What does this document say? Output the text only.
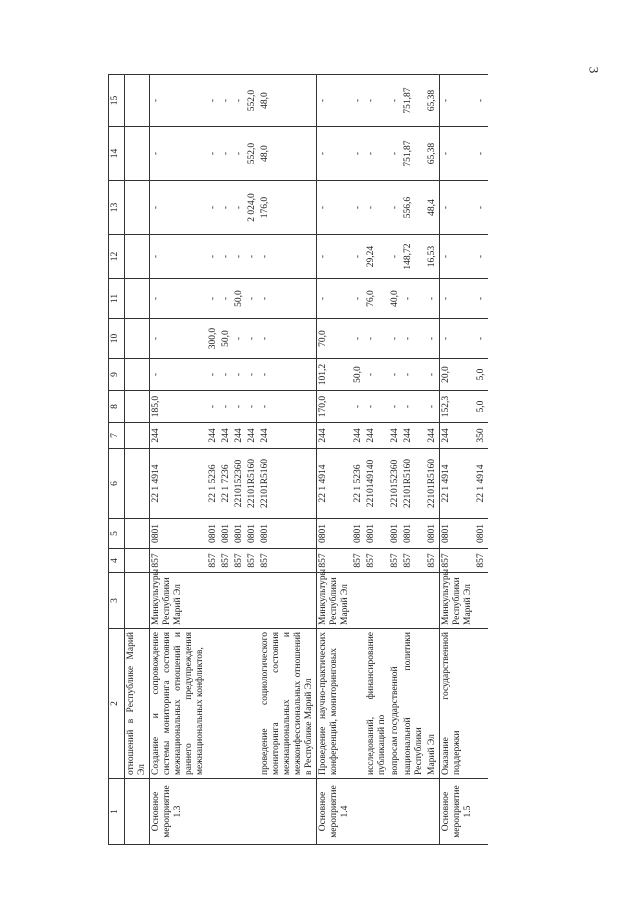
3
1	2	3	4	5	6	7	8	9	10	11	12	13	14	15
	отношений в Республике Марий Эл													
Основное мероприятие 1.3	Создание и сопровождение системы мониторинга состояния межнациональных отношений и раннего предупреждения межнациональных конфликтов,	Минкультуры Республики Марий Эл	857	0801	22 1 4914	244	185,0	-	-	-	-	-	-	-
			857	0801	22 1 5236	244	-	-	300,0	-	-	-	-	-
			857	0801	22 1 7236	244	-	-	50,0	-	-	-	-	-
			857	0801	2210152360	244	-	-	-	50,0	-	-	-	-
			857	0801	22101R5160	244	-	-	-	-	-	2 024,0	552,0	552,0
	проведение социологического мониторинга состояния межнациональных и межконфессиональных отношений в Республике Марий Эл		857	0801	22101R5160	244	-	-	-	-	-	176,0	48,0	48,0
Основное мероприятие 1.4	Проведение научно-практических конференций, мониторинговых	Минкультуры Республики Марий Эл	857	0801	22 1 4914	244	170,0	101,2	70,0	-	-	-	-	-
			857	0801	22 1 5236	244	-	50,0	-	-	-	-	-	-
	исследований, финансирование публикаций по		857	0801	2210149140	244	-	-	-	76,0	29,24	-	-	-
	вопросам государственной		857	0801	2210152360	244	-	-	-	40,0	-	-	-	-
	национальной политики Республики		857	0801	22101R5160	244	-	-	-	-	148,72	556,6	751,87	751,87
	Марий Эл		857	0801	22101R5160	244	-	-	-	-	16,53	48,4	65,38	65,38
Основное мероприятие 1.5	Оказание государственной поддержки	Минкультуры Республики Марий Эл	857	0801	22 1 4914	244	152,3	20,0	-	-	-	-	-	-
			857	0801	22 1 4914	350	5,0	5,0	-	-	-	-	-	-
